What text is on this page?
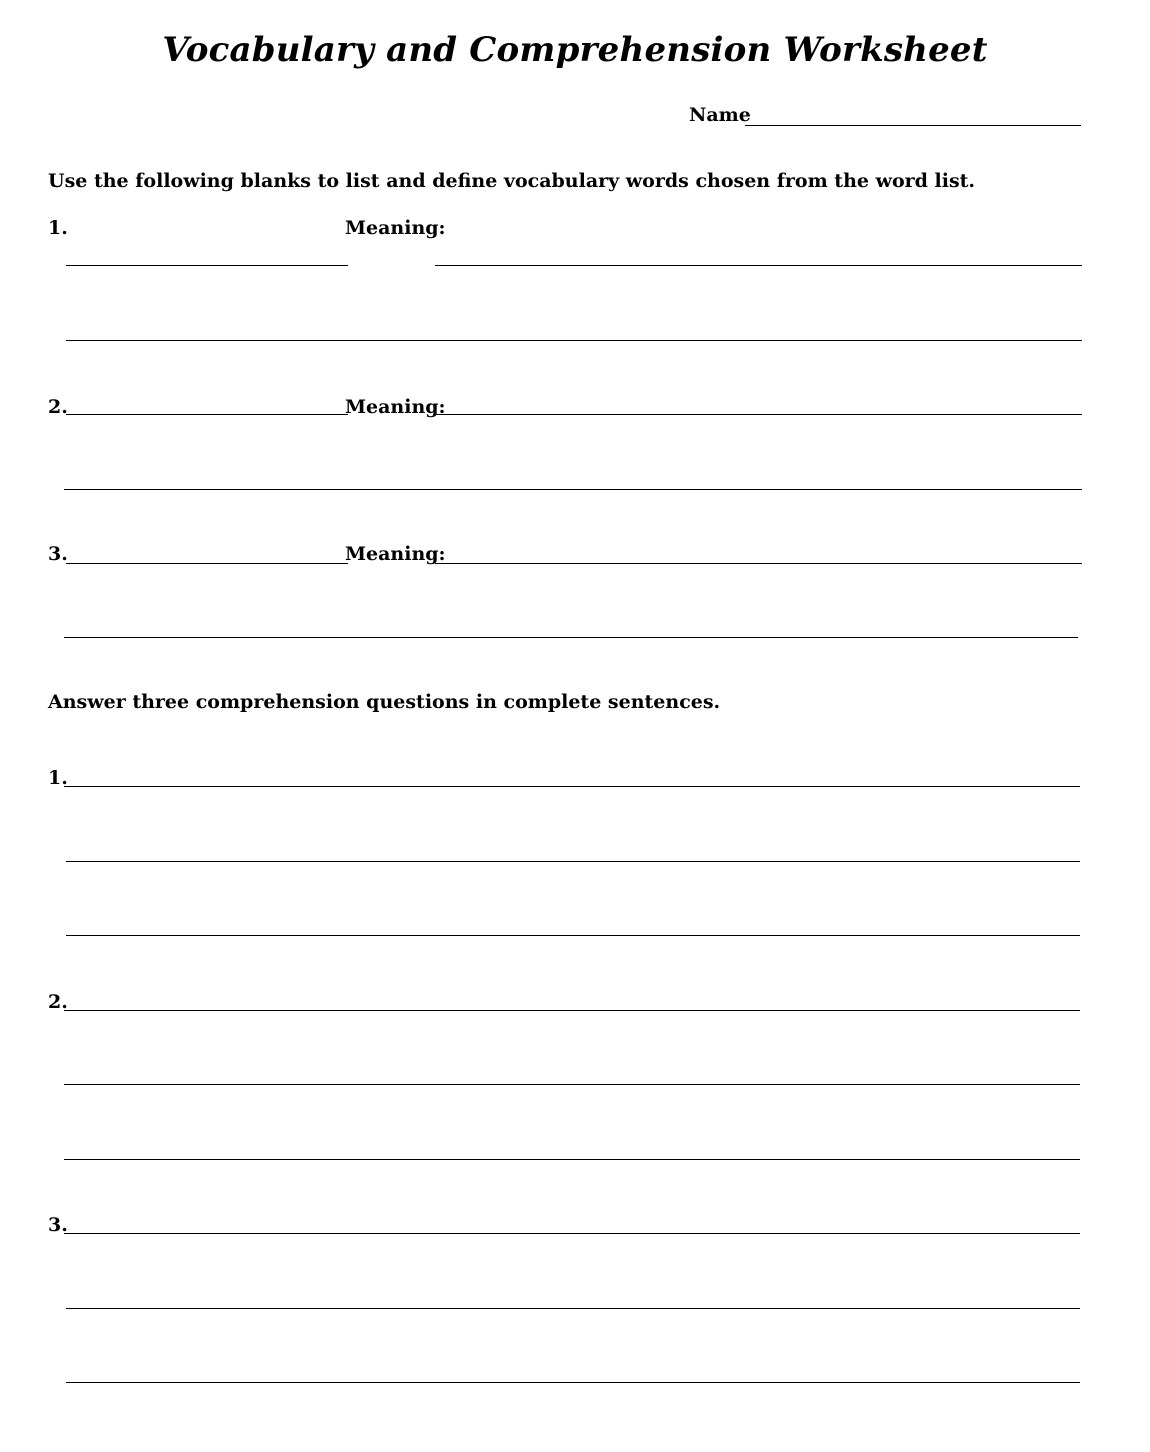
Vocabulary and Comprehension Worksheet
Name
Use the following blanks to list and define vocabulary words chosen from the word list.
1.	Meaning:
2.	Meaning:
3.	Meaning:
Answer three comprehension questions in complete sentences.
1.
2.
3.
